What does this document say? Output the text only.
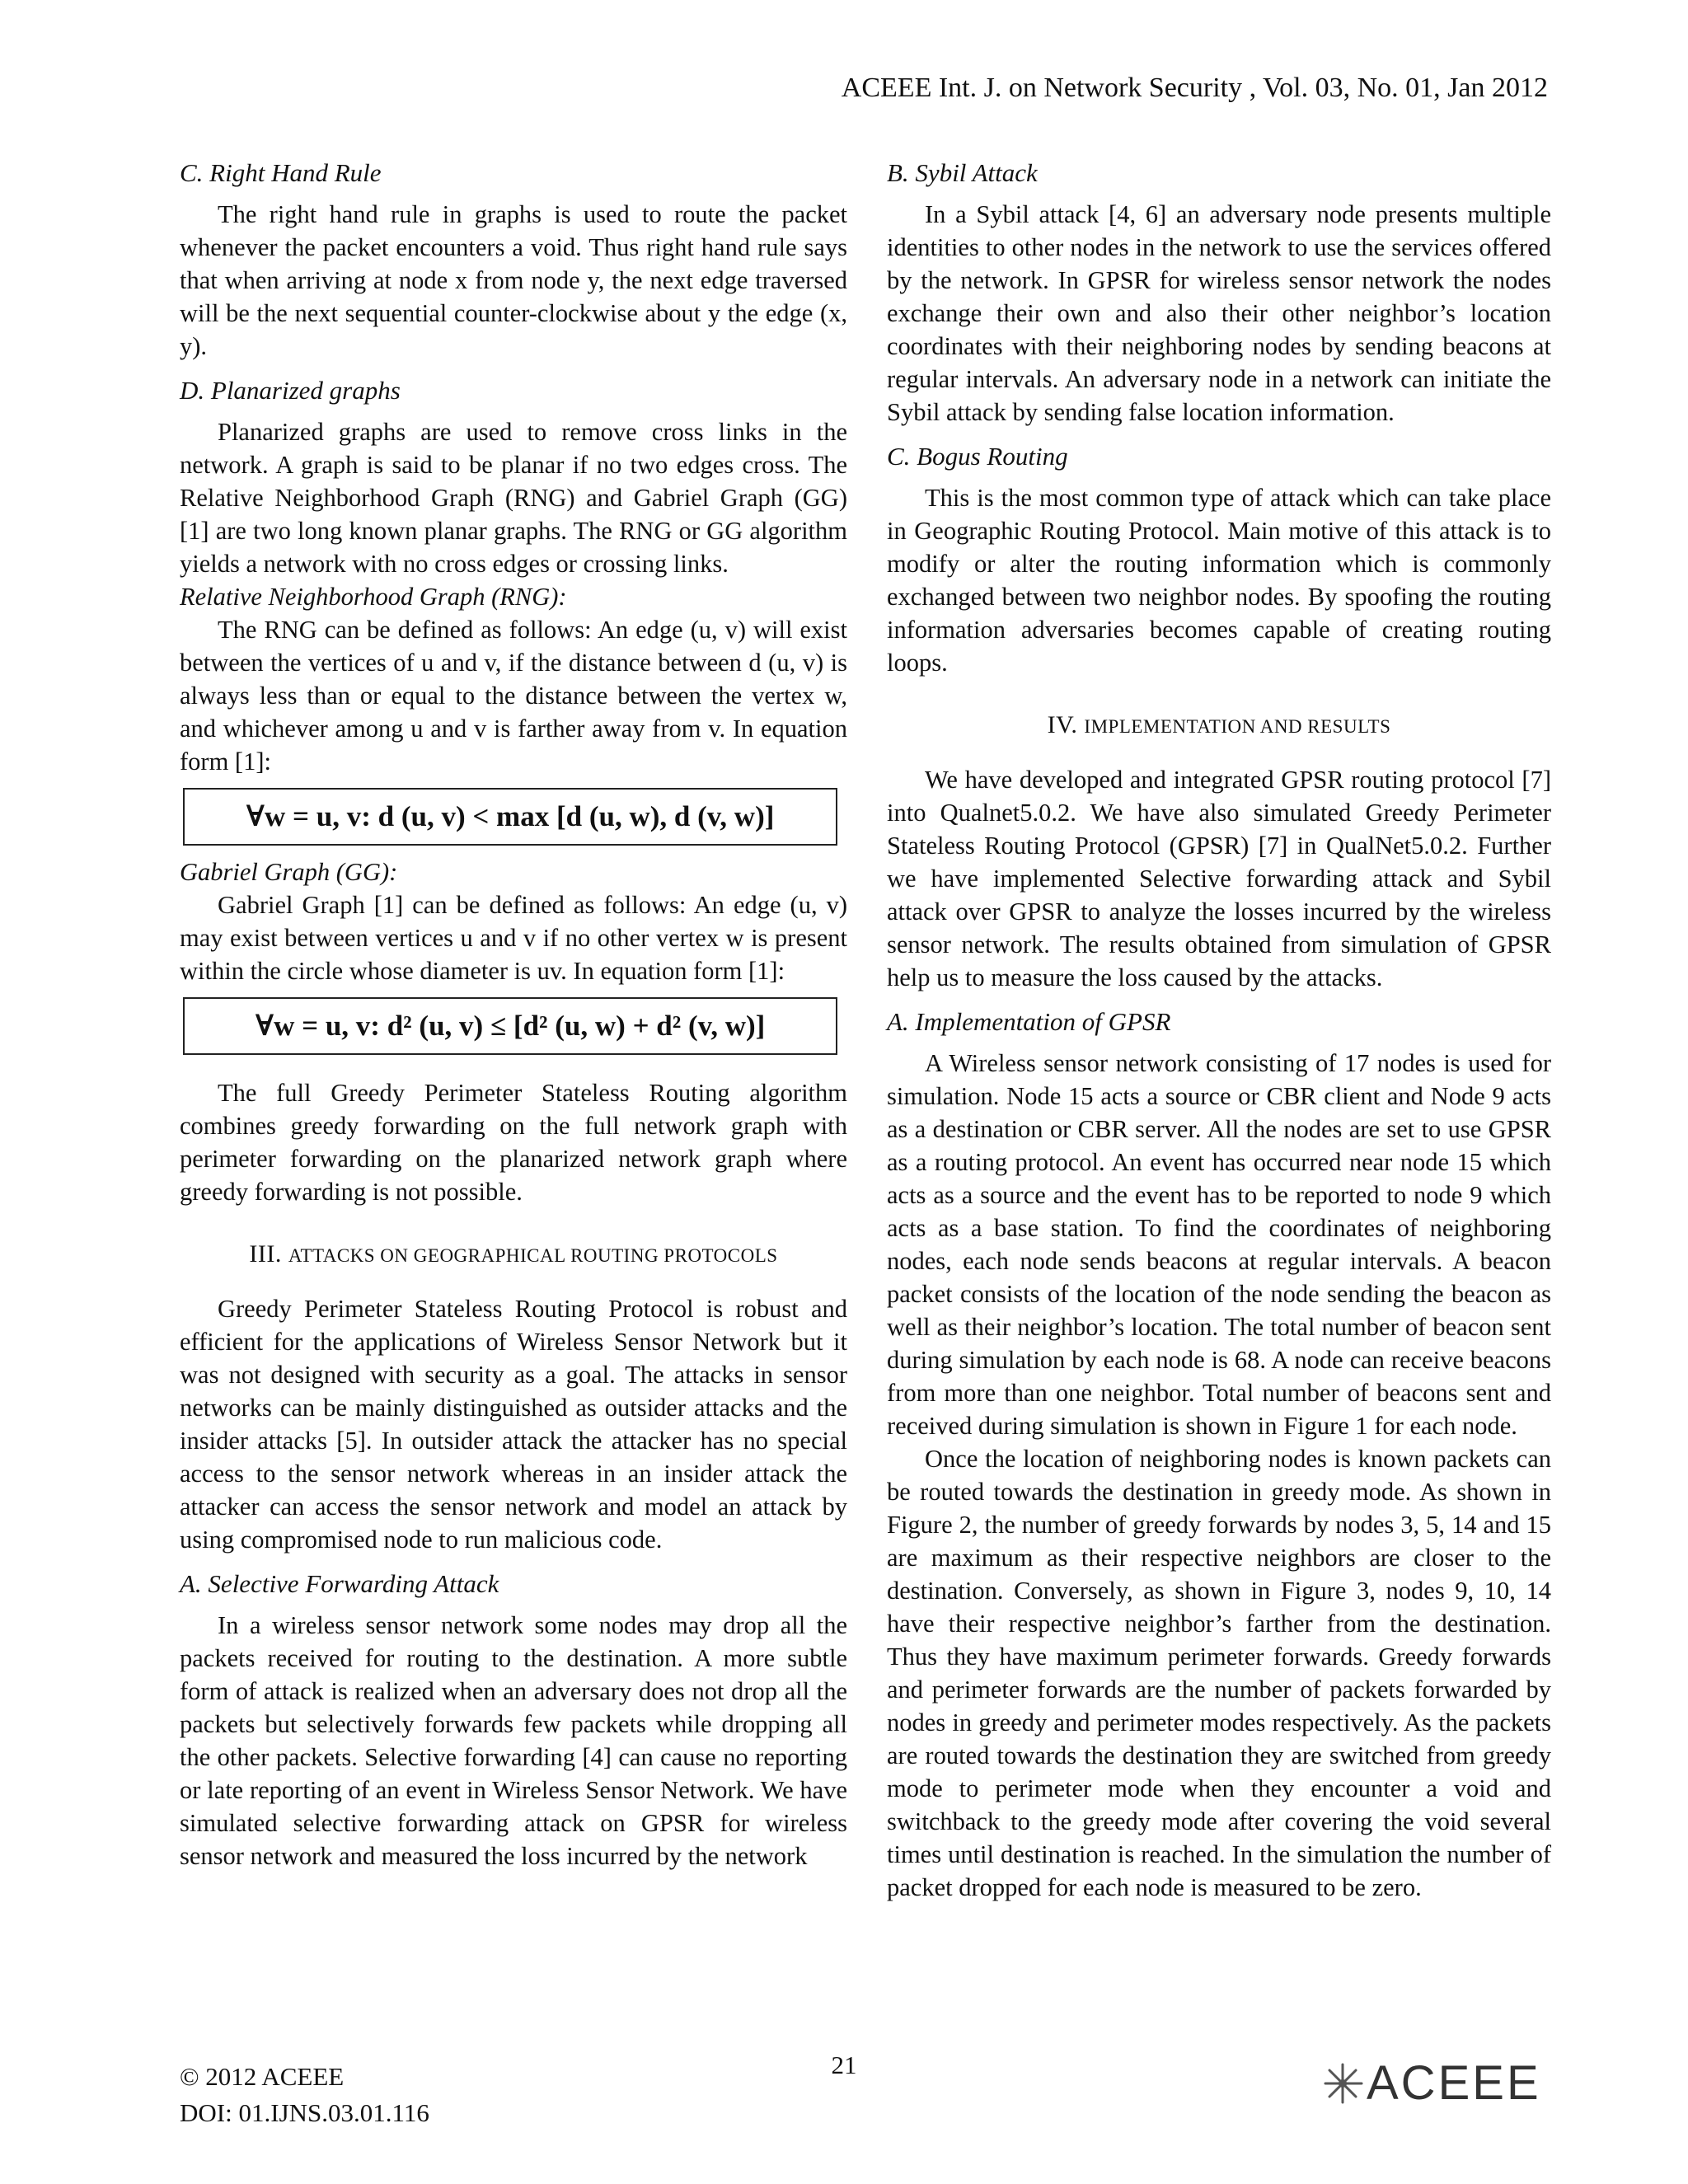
ACEEE Int. J. on Network Security , Vol. 03, No. 01, Jan 2012
C. Right Hand Rule

The right hand rule in graphs is used to route the packet whenever the packet encounters a void. Thus right hand rule says that when arriving at node x from node y, the next edge traversed will be the next sequential counter-clockwise about y the edge (x, y).

D. Planarized graphs

Planarized graphs are used to remove cross links in the network. A graph is said to be planar if no two edges cross. The Relative Neighborhood Graph (RNG) and Gabriel Graph (GG) [1] are two long known planar graphs. The RNG or GG algorithm yields a network with no cross edges or crossing links.

Relative Neighborhood Graph (RNG):

The RNG can be defined as follows: An edge (u, v) will exist between the vertices of u and v, if the distance between d (u, v) is always less than or equal to the distance between the vertex w, and whichever among u and v is farther away from v. In equation form [1]:

∀w = u, v: d (u, v) < max [d (u, w), d (v, w)]
Gabriel Graph (GG):

Gabriel Graph [1] can be defined as follows: An edge (u, v) may exist between vertices u and v if no other vertex w is present within the circle whose diameter is uv. In equation form [1]:

∀w = u, v: d² (u, v) ≤ [d² (u, w) + d² (v, w)]

The full Greedy Perimeter Stateless Routing algorithm combines greedy forwarding on the full network graph with perimeter forwarding on the planarized network graph where greedy forwarding is not possible.

III. ATTACKS ON GEOGRAPHICAL ROUTING PROTOCOLS

Greedy Perimeter Stateless Routing Protocol is robust and efficient for the applications of Wireless Sensor Network but it was not designed with security as a goal. The attacks in sensor networks can be mainly distinguished as outsider attacks and the insider attacks [5]. In outsider attack the attacker has no special access to the sensor network whereas in an insider attack the attacker can access the sensor network and model an attack by using compromised node to run malicious code.

A. Selective Forwarding Attack

In a wireless sensor network some nodes may drop all the packets received for routing to the destination. A more subtle form of attack is realized when an adversary does not drop all the packets but selectively forwards few packets while dropping all the other packets. Selective forwarding [4] can cause no reporting or late reporting of an event in Wireless Sensor Network. We have simulated selective forwarding attack on GPSR for wireless sensor network and measured the loss incurred by the network

B. Sybil Attack

In a Sybil attack [4, 6] an adversary node presents multiple identities to other nodes in the network to use the services offered by the network. In GPSR for wireless sensor network the nodes exchange their own and also their other neighbor’s location coordinates with their neighboring nodes by sending beacons at regular intervals. An adversary node in a network can initiate the Sybil attack by sending false location information.

C. Bogus Routing

This is the most common type of attack which can take place in Geographic Routing Protocol. Main motive of this attack is to modify or alter the routing information which is commonly exchanged between two neighbor nodes. By spoofing the routing information adversaries becomes capable of creating routing loops.

IV. IMPLEMENTATION AND RESULTS

We have developed and integrated GPSR routing protocol [7] into Qualnet5.0.2. We have also simulated Greedy Perimeter Stateless Routing Protocol (GPSR) [7] in QualNet5.0.2. Further we have implemented Selective forwarding attack and Sybil attack over GPSR to analyze the losses incurred by the wireless sensor network. The results obtained from simulation of GPSR help us to measure the loss caused by the attacks.

A. Implementation of GPSR

A Wireless sensor network consisting of 17 nodes is used for simulation. Node 15 acts a source or CBR client and Node 9 acts as a destination or CBR server. All the nodes are set to use GPSR as a routing protocol. An event has occurred near node 15 which acts as a source and the event has to be reported to node 9 which acts as a base station. To find the coordinates of neighboring nodes, each node sends beacons at regular intervals. A beacon packet consists of the location of the node sending the beacon as well as their neighbor’s location. The total number of beacon sent during simulation by each node is 68. A node can receive beacons from more than one neighbor. Total number of beacons sent and received during simulation is shown in Figure 1 for each node.

Once the location of neighboring nodes is known packets can be routed towards the destination in greedy mode. As shown in Figure 2, the number of greedy forwards by nodes 3, 5, 14 and 15 are maximum as their respective neighbors are closer to the destination. Conversely, as shown in Figure 3, nodes 9, 10, 14 have their respective neighbor’s farther from the destination. Thus they have maximum perimeter forwards. Greedy forwards and perimeter forwards are the number of packets forwarded by nodes in greedy and perimeter modes respectively. As the packets are routed towards the destination they are switched from greedy mode to perimeter mode when they encounter a void and switchback to the greedy mode after covering the void several times until destination is reached. In the simulation the number of packet dropped for each node is measured to be zero.

© 2012 ACEEE
DOI: 01.IJNS.03.01.116
21	ACEEE
